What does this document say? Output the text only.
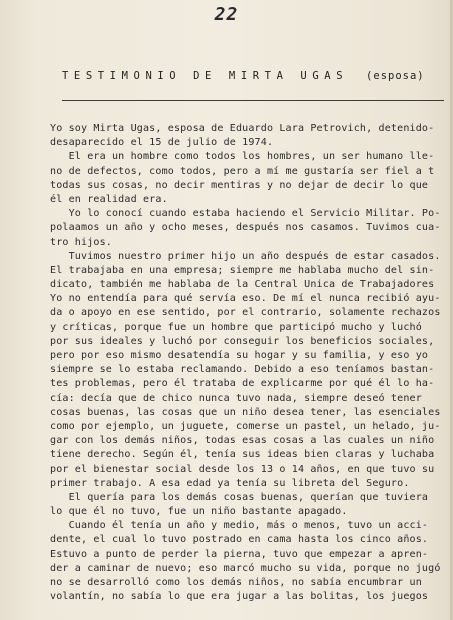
22
TESTIMONIO DE MIRTA UGAS (esposa)
Yo soy Mirta Ugas, esposa de Eduardo Lara Petrovich, detenido-
desaparecido el 15 de julio de 1974.
El era un hombre como todos los hombres, un ser humano lle-
no de defectos, como todos, pero a mí me gustaría ser fiel a t
todas sus cosas, no decir mentiras y no dejar de decir lo que
él en realidad era.
Yo lo conocí cuando estaba haciendo el Servicio Militar. Po-
polaamos un año y ocho meses, después nos casamos. Tuvimos cua-
tro hijos.
Tuvimos nuestro primer hijo un año después de estar casados.
El trabajaba en una empresa; siempre me hablaba mucho del sin-
dicato, también me hablaba de la Central Unica de Trabajadores
Yo no entendía para qué servía eso. De mí el nunca recibió ayu-
da o apoyo en ese sentido, por el contrario, solamente rechazos
y críticas, porque fue un hombre que participó mucho y luchó
por sus ideales y luchó por conseguir los beneficios sociales,
pero por eso mismo desatendía su hogar y su familia, y eso yo
siempre se lo estaba reclamando. Debido a eso teníamos bastan-
tes problemas, pero él trataba de explicarme por qué él lo ha-
cía: decía que de chico nunca tuvo nada, siempre deseó tener
cosas buenas, las cosas que un niño desea tener, las esenciales
como por ejemplo, un juguete, comerse un pastel, un helado, ju-
gar con los demás niños, todas esas cosas a las cuales un niño
tiene derecho. Según él, tenía sus ideas bien claras y luchaba
por el bienestar social desde los 13 o 14 años, en que tuvo su
primer trabajo. A esa edad ya tenía su libreta del Seguro.
El quería para los demás cosas buenas, querían que tuviera
lo que él no tuvo, fue un niño bastante apagado.
Cuando él tenía un año y medio, más o menos, tuvo un acci-
dente, el cual lo tuvo postrado en cama hasta los cinco años.
Estuvo a punto de perder la pierna, tuvo que empezar a apren-
der a caminar de nuevo; eso marcó mucho su vida, porque no jugó
no se desarrolló como los demás niños, no sabía encumbrar un
volantín, no sabía lo que era jugar a las bolitas, los juegos
